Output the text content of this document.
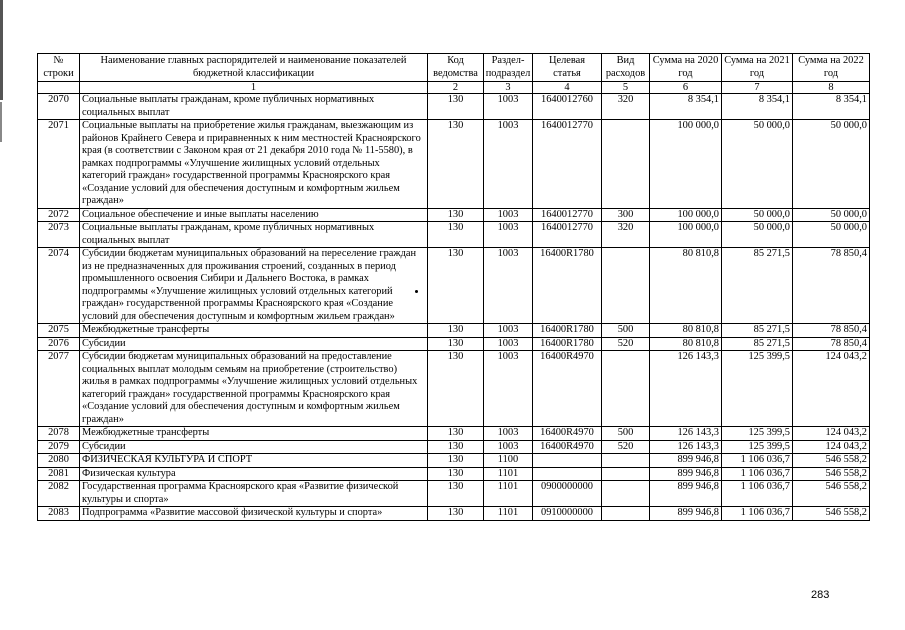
№ строки	Наименование главных распорядителей и наименование показателей бюджетной классификации	Код ведомства	Раздел-подраздел	Целевая статья	Вид расходов	Сумма на 2020 год	Сумма на 2021 год	Сумма на 2022 год
	1	2	3	4	5	6	7	8
2070	Социальные выплаты гражданам, кроме публичных нормативных социальных выплат	130	1003	1640012760	320	8 354,1	8 354,1	8 354,1
2071	Социальные выплаты на приобретение жилья гражданам, выезжающим из районов Крайнего Севера и приравненных к ним местностей Красноярского края (в соответствии с Законом края от 21 декабря 2010 года № 11-5580), в рамках подпрограммы «Улучшение жилищных условий отдельных категорий граждан» государственной программы Красноярского края «Создание условий для обеспечения доступным и комфортным жильем граждан»	130	1003	1640012770		100 000,0	50 000,0	50 000,0
2072	Социальное обеспечение и иные выплаты населению	130	1003	1640012770	300	100 000,0	50 000,0	50 000,0
2073	Социальные выплаты гражданам, кроме публичных нормативных социальных выплат	130	1003	1640012770	320	100 000,0	50 000,0	50 000,0
2074	Субсидии бюджетам муниципальных образований на переселение граждан из не предназначенных для проживания строений, созданных в период промышленного освоения Сибири и Дальнего Востока, в рамках подпрограммы «Улучшение жилищных условий отдельных категорий граждан» государственной программы Красноярского края «Создание условий для обеспечения доступным и комфортным жильем граждан»	130	1003	16400R1780		80 810,8	85 271,5	78 850,4
2075	Межбюджетные трансферты	130	1003	16400R1780	500	80 810,8	85 271,5	78 850,4
2076	Субсидии	130	1003	16400R1780	520	80 810,8	85 271,5	78 850,4
2077	Субсидии бюджетам муниципальных образований на предоставление социальных выплат молодым семьям на приобретение (строительство) жилья в рамках подпрограммы «Улучшение жилищных условий отдельных категорий граждан» государственной программы Красноярского края «Создание условий для обеспечения доступным и комфортным жильем граждан»	130	1003	16400R4970		126 143,3	125 399,5	124 043,2
2078	Межбюджетные трансферты	130	1003	16400R4970	500	126 143,3	125 399,5	124 043,2
2079	Субсидии	130	1003	16400R4970	520	126 143,3	125 399,5	124 043,2
2080	ФИЗИЧЕСКАЯ КУЛЬТУРА И СПОРТ	130	1100			899 946,8	1 106 036,7	546 558,2
2081	Физическая культура	130	1101			899 946,8	1 106 036,7	546 558,2
2082	Государственная программа Красноярского края «Развитие физической культуры и спорта»	130	1101	0900000000		899 946,8	1 106 036,7	546 558,2
2083	Подпрограмма «Развитие массовой физической культуры и спорта»	130	1101	0910000000		899 946,8	1 106 036,7	546 558,2
283
